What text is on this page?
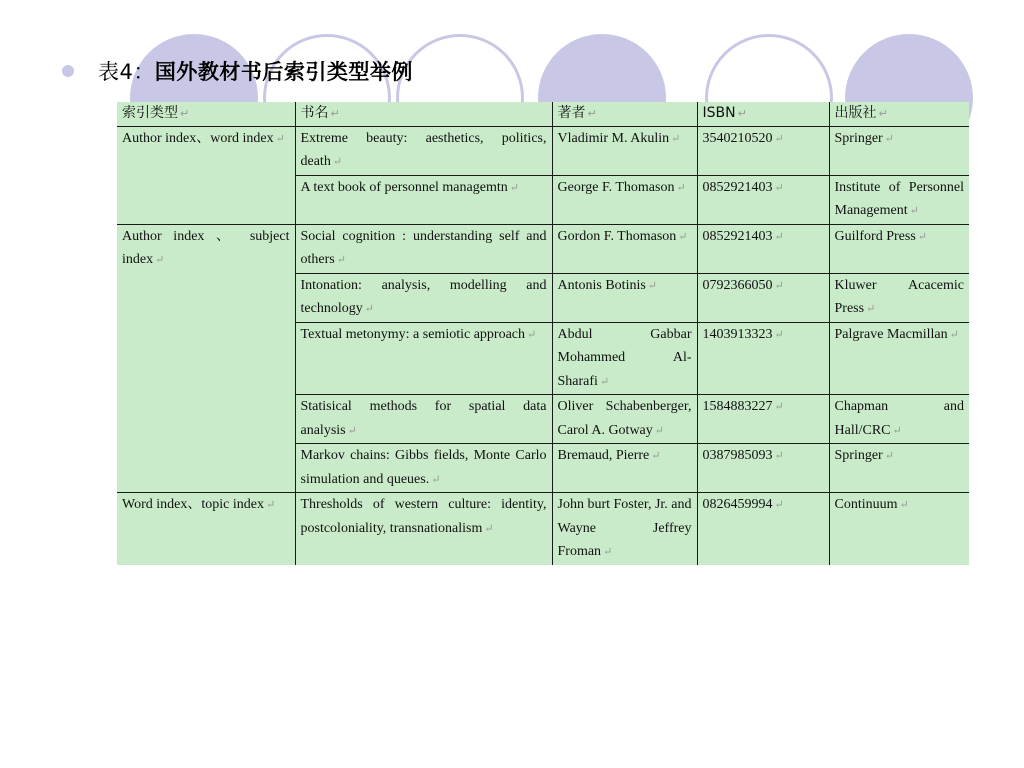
表4：国外教材书后索引类型举例
索引类型 ↵	书名 ↵	著者 ↵	ISBN ↵	出版社 ↵
Author index、word index ↵	Extreme beauty: aesthetics, politics, death ↵	Vladimir M. Akulin ↵	3540210520 ↵	Springer ↵
	A text book of personnel managemtn ↵	George F. Thomason ↵	0852921403 ↵	Institute of Personnel Management ↵
Author index 、 subject index ↵	Social cognition : understanding self and others ↵	Gordon F. Thomason ↵	0852921403 ↵	Guilford Press ↵
	Intonation: analysis, modelling and technology ↵	Antonis Botinis ↵	0792366050 ↵	Kluwer Acacemic Press ↵
	Textual metonymy: a semiotic approach ↵	Abdul Gabbar Mohammed Al-Sharafi ↵	1403913323 ↵	Palgrave Macmillan ↵
	Statisical methods for spatial data analysis ↵	Oliver Schabenberger, Carol A. Gotway ↵	1584883227 ↵	Chapman and Hall/CRC ↵
	Markov chains: Gibbs fields, Monte Carlo simulation and queues. ↵	Bremaud, Pierre ↵	0387985093 ↵	Springer ↵
Word index、topic index ↵	Thresholds of western culture: identity, postcoloniality, transnationalism ↵	John burt Foster, Jr. and Wayne Jeffrey Froman ↵	0826459994 ↵	Continuum ↵
